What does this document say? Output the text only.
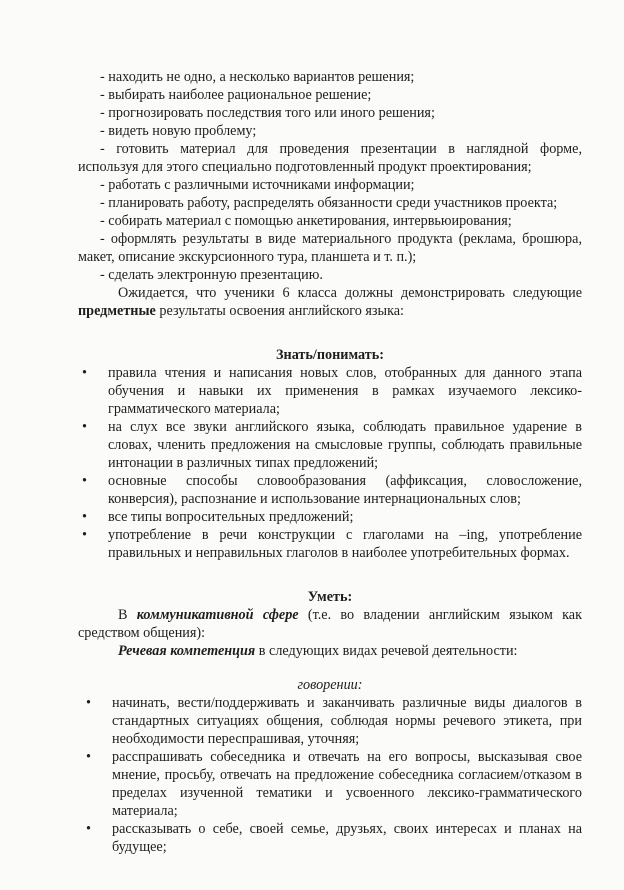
- находить не одно, а несколько вариантов решения;

- выбирать наиболее рациональное решение;

- прогнозировать последствия того или иного решения;

- видеть новую проблему;

- готовить материал для проведения презентации в наглядной форме, используя для этого специально подготовленный продукт проектирования;

- работать с различными источниками информации;

- планировать работу, распределять обязанности среди участников проекта;

- собирать материал с помощью анкетирования, интервьюирования;

- оформлять результаты в виде материального продукта (реклама, брошюра, макет, описание экскурсионного тура, планшета и т. п.);

- сделать электронную презентацию.

Ожидается, что ученики 6 класса должны демонстрировать следующие предметные результаты освоения английского языка:

Знать/понимать:

• правила чтения и написания новых слов, отобранных для данного этапа обучения и навыки их применения в рамках изучаемого лексико-грамматического материала;
• на слух все звуки английского языка, соблюдать правильное ударение в словах, членить предложения на смысловые группы, соблюдать правильные интонации в различных типах предложений;
• основные способы словообразования (аффиксация, словосложение, конверсия), распознание и использование интернациональных слов;
• все типы вопросительных предложений;
• употребление в речи конструкции с глаголами на –ing, употребление правильных и неправильных глаголов в наиболее употребительных формах.

Уметь:

В коммуникативной сфере (т.е. во владении английским языком как средством общения):

Речевая компетенция в следующих видах речевой деятельности:

говорении:

• начинать, вести/поддерживать и заканчивать различные виды диалогов в стандартных ситуациях общения, соблюдая нормы речевого этикета, при необходимости переспрашивая, уточняя;
• расспрашивать собеседника и отвечать на его вопросы, высказывая свое мнение, просьбу, отвечать на предложение собеседника согласием/отказом в пределах изученной тематики и усвоенного лексико-грамматического материала;
• рассказывать о себе, своей семье, друзьях, своих интересах и планах на будущее;
